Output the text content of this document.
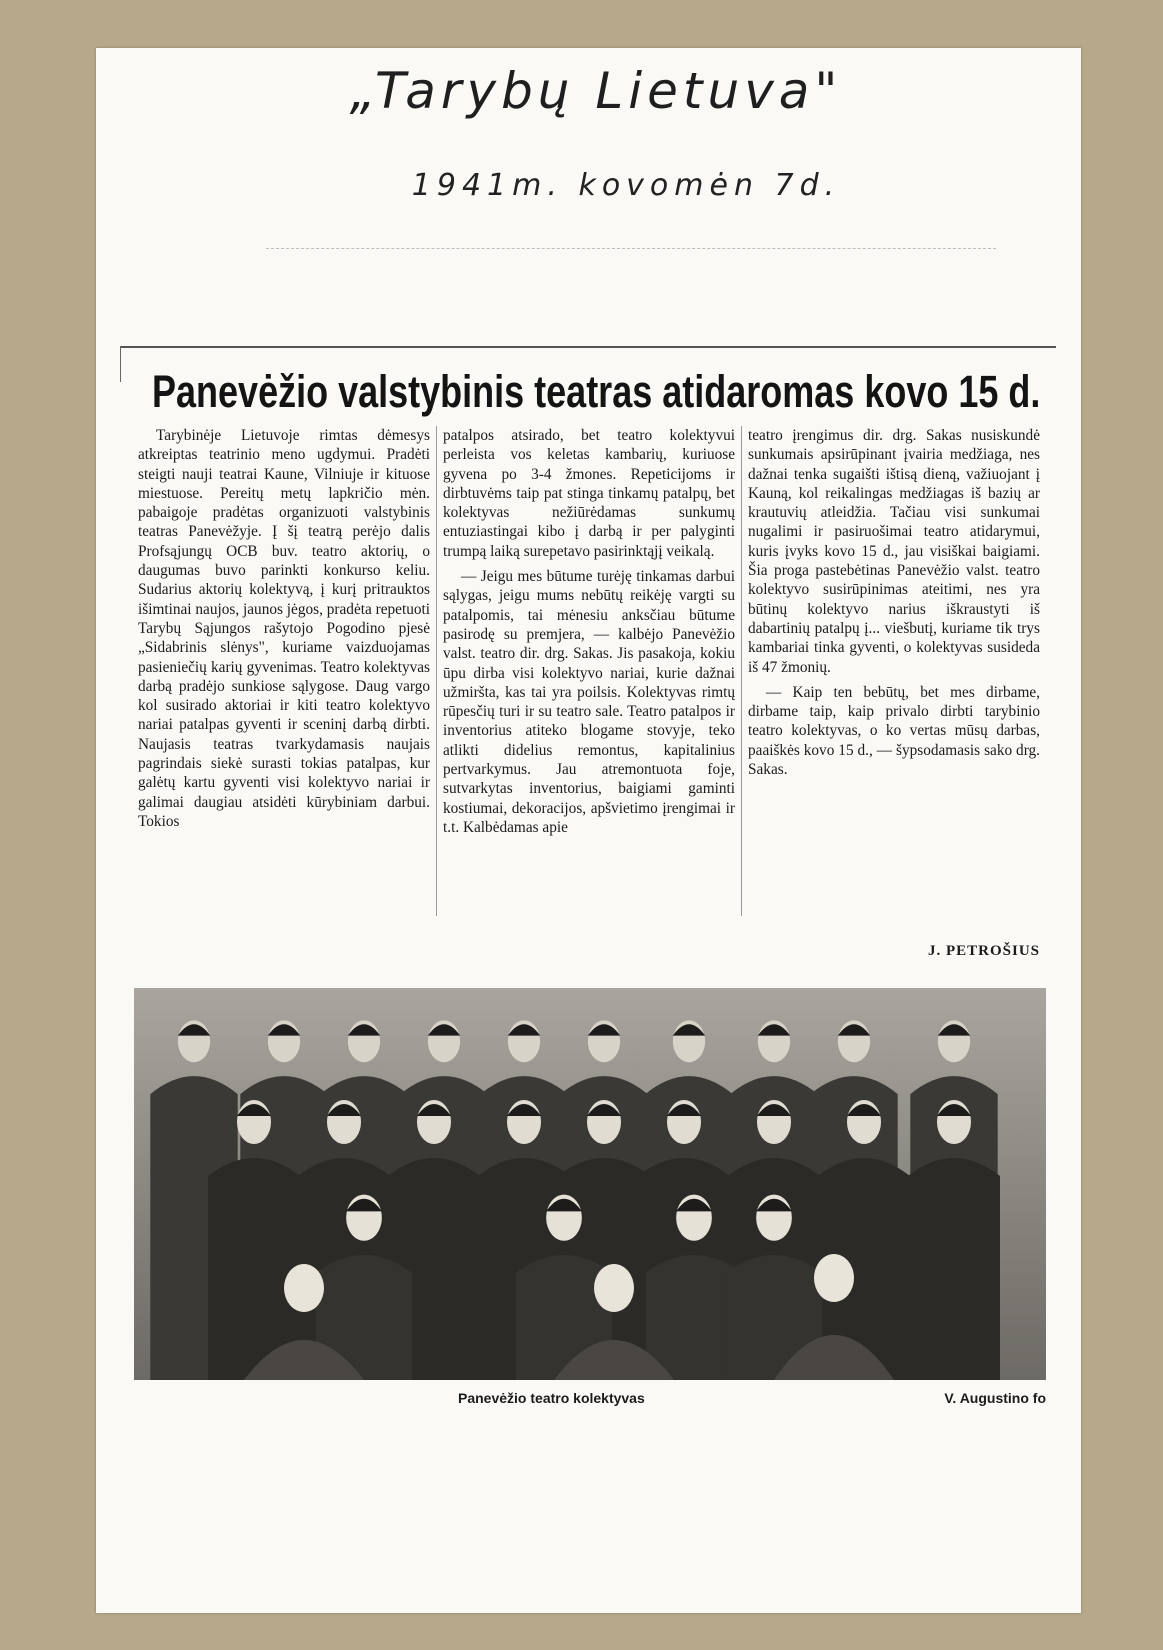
„Tarybų Lietuva"
1941m. kovomėn 7d.
Panevėžio valstybinis teatras atidaromas kovo 15 d.

Tarybinėje Lietuvoje rimtas dėmesys atkreiptas teatrinio meno ugdymui. Pradėti steigti nauji teatrai Kaune, Vilniuje ir kituose miestuose. Pereitų metų lapkričio mėn. pabaigoje pradėtas organizuoti valstybinis teatras Panevėžyje. Į šį teatrą perėjo dalis Profsąjungų OCB buv. teatro aktorių, o daugumas buvo parinkti konkurso keliu. Sudarius aktorių kolektyvą, į kurį pritrauktos išimtinai naujos, jaunos jėgos, pradėta repetuoti Tarybų Sąjungos rašytojo Pogodino pjesė „Sidabrinis slėnys", kuriame vaizduojamas pasieniečių karių gyvenimas. Teatro kolektyvas darbą pradėjo sunkiose sąlygose. Daug vargo kol susirado aktoriai ir kiti teatro kolektyvo nariai patalpas gyventi ir sceninį darbą dirbti. Naujasis teatras tvarkydamasis naujais pagrindais siekė surasti tokias patalpas, kur galėtų kartu gyventi visi kolektyvo nariai ir galimai daugiau atsidėti kūrybiniam darbui. Tokios

patalpos atsirado, bet teatro kolektyvui perleista vos keletas kambarių, kuriuose gyvena po 3-4 žmones. Repeticijoms ir dirbtuvėms taip pat stinga tinkamų patalpų, bet kolektyvas nežiūrėdamas sunkumų entuziastingai kibo į darbą ir per palyginti trumpą laiką surepetavo pasirinktąjį veikalą.

— Jeigu mes būtume turėję tinkamas darbui sąlygas, jeigu mums nebūtų reikėję vargti su patalpomis, tai mėnesiu anksčiau būtume pasirodę su premjera, — kalbėjo Panevėžio valst. teatro dir. drg. Sakas. Jis pasakoja, kokiu ūpu dirba visi kolektyvo nariai, kurie dažnai užmiršta, kas tai yra poilsis. Kolektyvas rimtų rūpesčių turi ir su teatro sale. Teatro patalpos ir inventorius atiteko blogame stovyje, teko atlikti didelius remontus, kapitalinius pertvarkymus. Jau atremontuota foje, sutvarkytas inventorius, baigiami gaminti kostiumai, dekoracijos, apšvietimo įrengimai ir t.t. Kalbėdamas apie

teatro įrengimus dir. drg. Sakas nusiskundė sunkumais apsirūpinant įvairia medžiaga, nes dažnai tenka sugaišti ištisą dieną, važiuojant į Kauną, kol reikalingas medžiagas iš bazių ar krautuvių atleidžia. Tačiau visi sunkumai nugalimi ir pasiruošimai teatro atidarymui, kuris įvyks kovo 15 d., jau visiškai baigiami. Šia proga pastebėtinas Panevėžio valst. teatro kolektyvo susirūpinimas ateitimi, nes yra būtinų kolektyvo narius iškraustyti iš dabartinių patalpų į... viešbutį, kuriame tik trys kambariai tinka gyventi, o kolektyvas susideda iš 47 žmonių.

— Kaip ten bebūtų, bet mes dirbame, dirbame taip, kaip privalo dirbti tarybinio teatro kolektyvas, o ko vertas mūsų darbas, paaiškės kovo 15 d., — šypsodamasis sako drg. Sakas.

J. PETROŠIUS
Panevėžio teatro kolektyvas	V. Augustino fo
